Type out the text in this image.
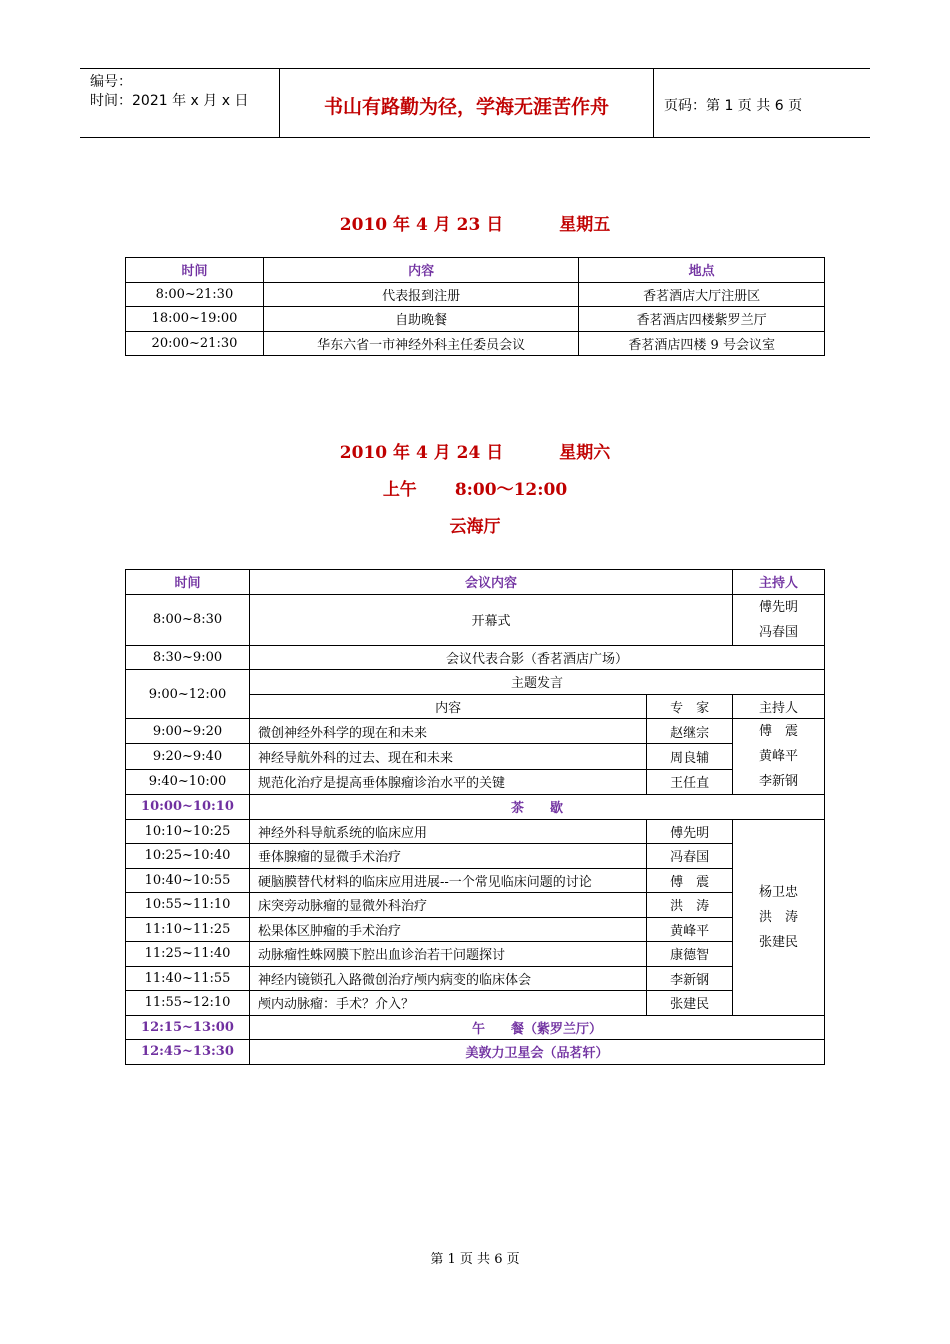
编号：
时间：2021 年 x 月 x 日	书山有路勤为径，学海无涯苦作舟	页码：第 1 页 共 6 页
2010 年 4 月 23 日	星期五
时间	内容	地点
8:00~21:30	代表报到注册	香茗酒店大厅注册区
18:00~19:00	自助晚餐	香茗酒店四楼紫罗兰厅
20:00~21:30	华东六省一市神经外科主任委员会议	香茗酒店四楼 9 号会议室
2010 年 4 月 24 日	星期六
上午 8:00～12:00
云海厅
时间	会议内容		主持人
8:00~8:30	开幕式		傅先明
冯春国

8:30~9:00	会议代表合影（香茗酒店广场）		
9:00~12:00	主题发言		
	内容	专　家	主持人
9:00~9:20	微创神经外科学的现在和未来	赵继宗	傅　震
黄峰平
李新钢

9:20~9:40	神经导航外科的过去、现在和未来	周良辅	
9:40~10:00	规范化治疗是提高垂体腺瘤诊治水平的关键	王任直	
10:00~10:10	茶　　歇		
10:10~10:25	神经外科导航系统的临床应用	傅先明	杨卫忠
洪　涛
张建民

10:25~10:40	垂体腺瘤的显微手术治疗	冯春国	
10:40~10:55	硬脑膜替代材料的临床应用进展--一个常见临床问题的讨论	傅　震	
10:55~11:10	床突旁动脉瘤的显微外科治疗	洪　涛	
11:10~11:25	松果体区肿瘤的手术治疗	黄峰平	
11:25~11:40	动脉瘤性蛛网膜下腔出血诊治若干问题探讨	康德智	
11:40~11:55	神经内镜锁孔入路微创治疗颅内病变的临床体会	李新钢	
11:55~12:10	颅内动脉瘤：手术？介入？	张建民	
12:15~13:00	午　　餐（紫罗兰厅）		
12:45~13:30	美敦力卫星会（品茗轩）		
第 1 页 共 6 页
